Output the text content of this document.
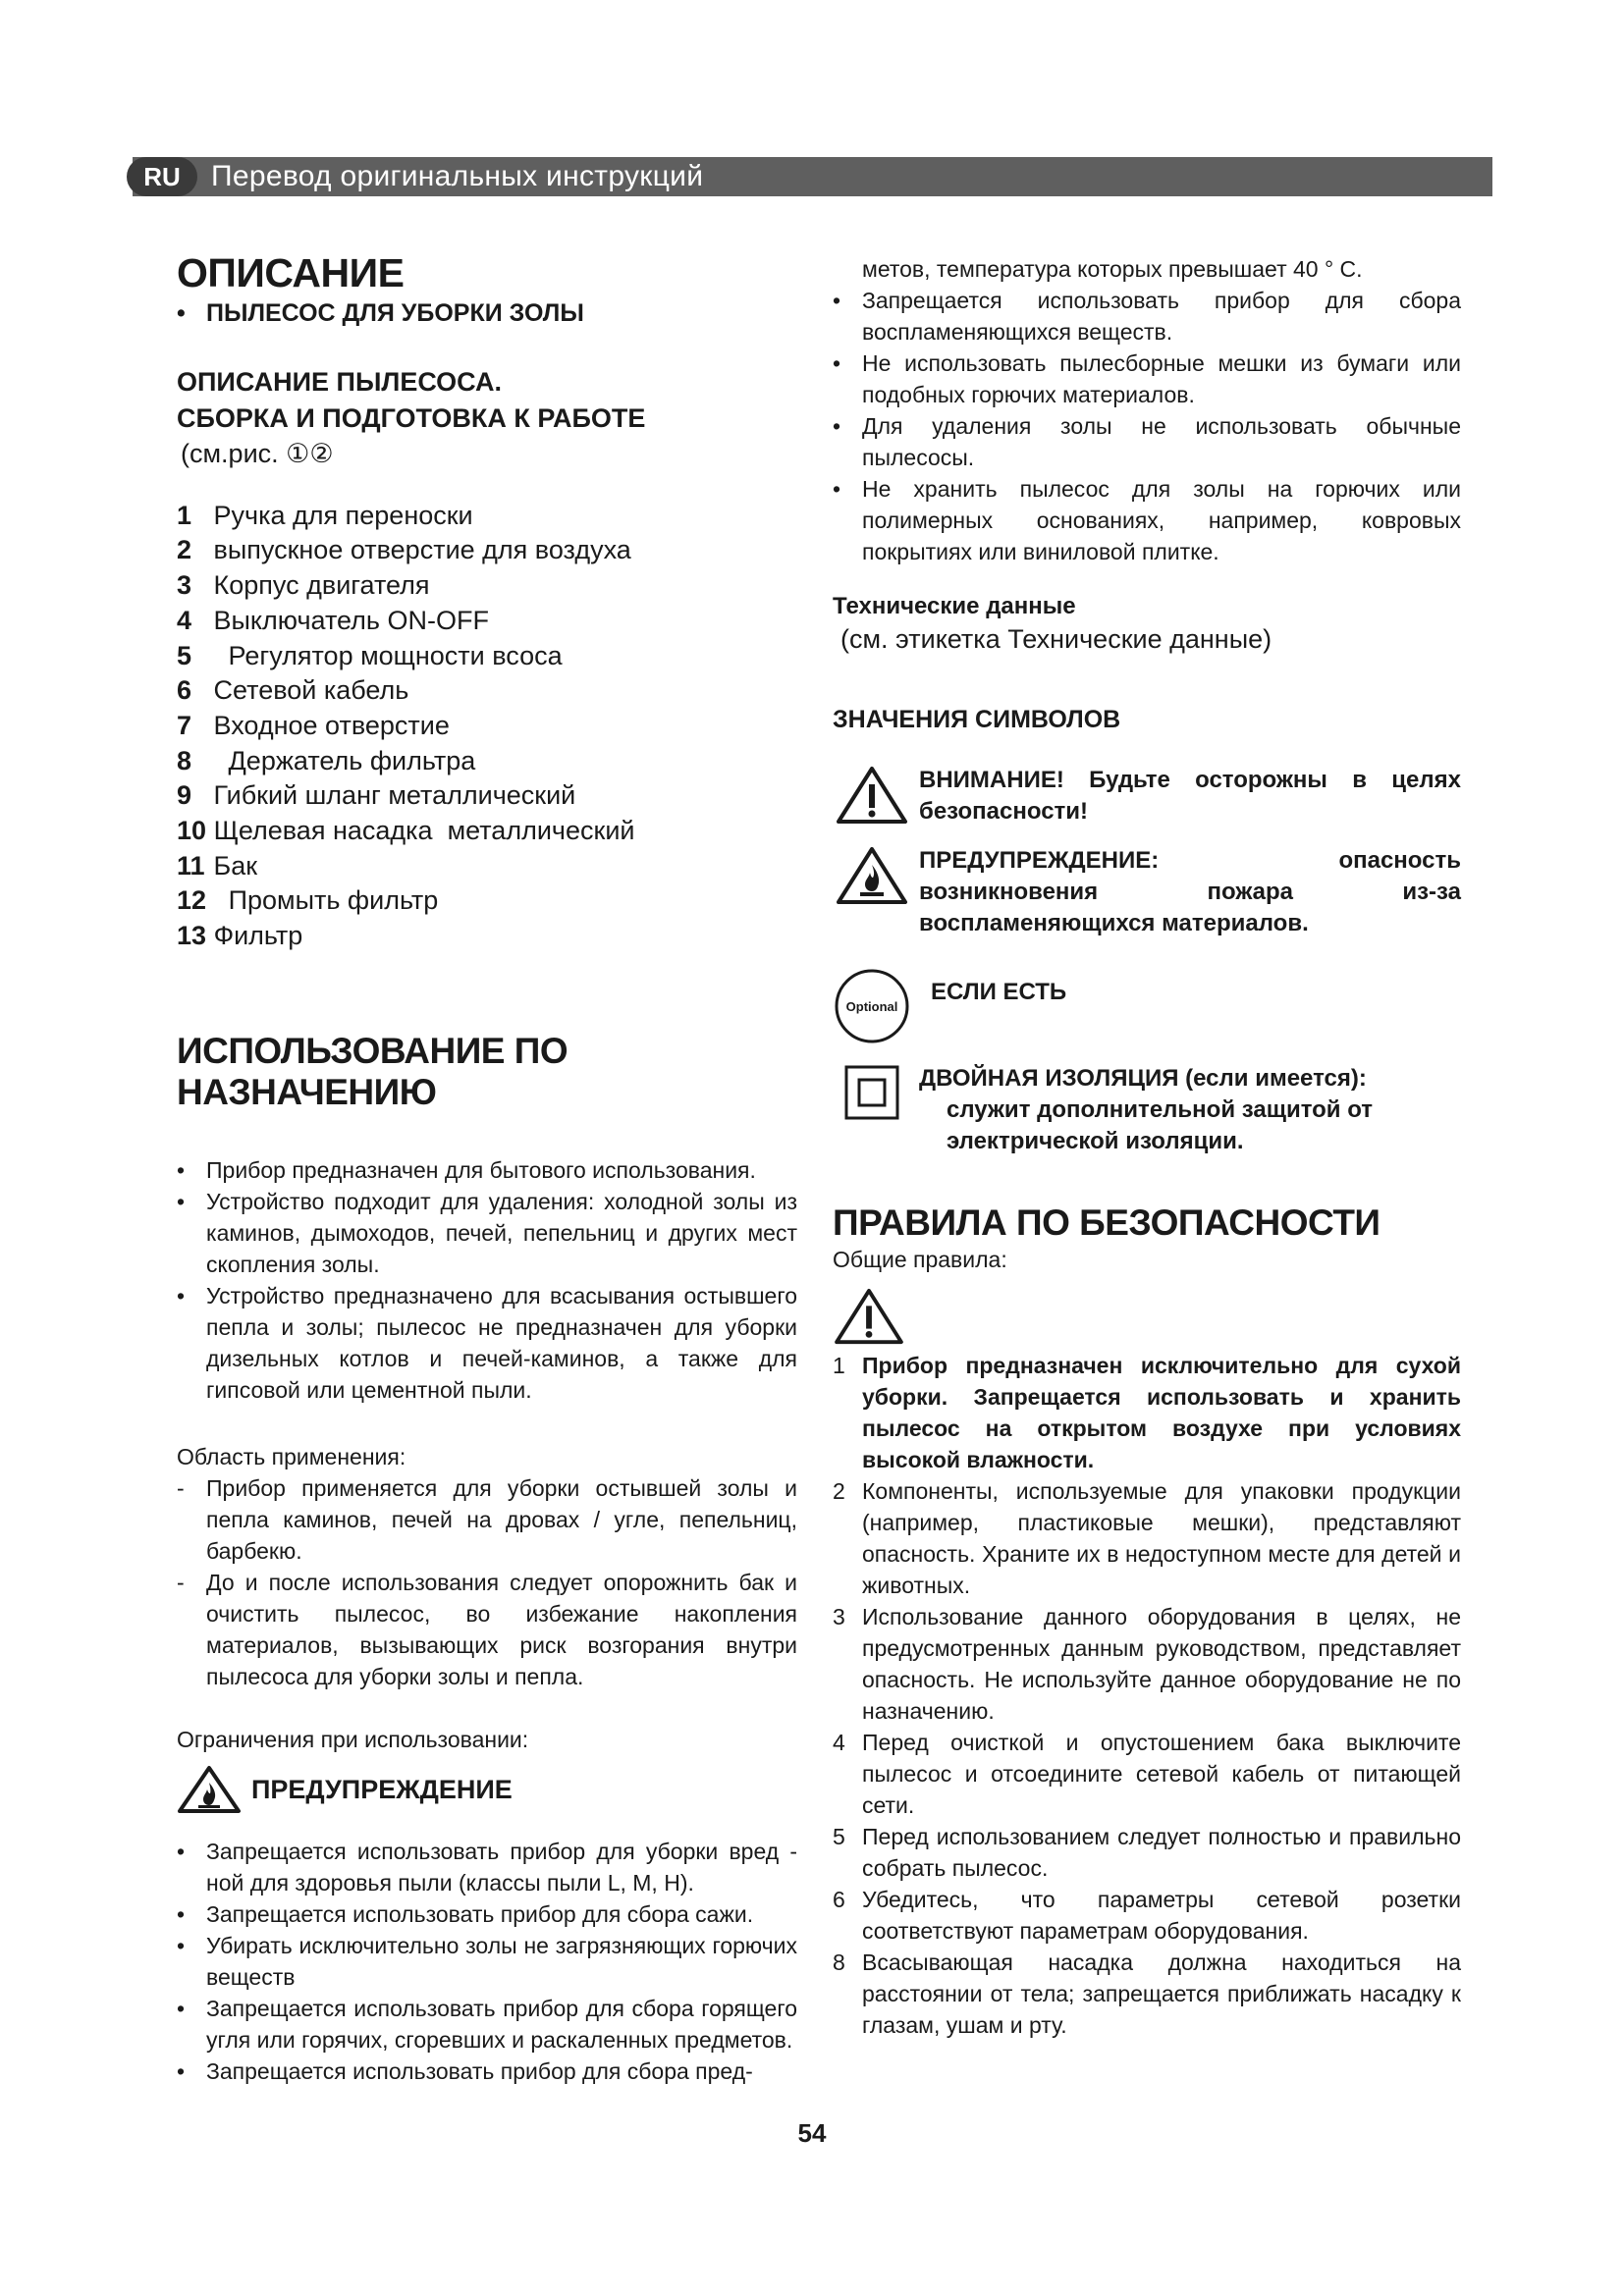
RU	Перевод оригинальных инструкций
ОПИСАНИЕ
• ПЫЛЕСОС ДЛЯ УБОРКИ ЗОЛЫ
ОПИСАНИЕ ПЫЛЕСОСА.
СБОРКА И ПОДГОТОВКА К РАБОТЕ
(см.рис. ①②
1 Ручка для переноски
2 выпускное отверстие для воздуха
3 Корпус двигателя
4 Выключатель ON-OFF
5   Регулятор мощности всоса
6 Сетевой кабель
7 Входное отверстие
8   Держатель фильтра
9 Гибкий шланг металлический
10 Щелевая насадка  металлический
11 Бак
12   Промыть фильтр
13 Фильтр
ИСПОЛЬЗОВАНИЕ ПО НАЗНАЧЕНИЮ
• Прибор предназначен для бытового использования.
• Устройство подходит для удаления: холодной золы из каминов, дымоходов, печей, пепельниц и других мест скопления золы.
• Устройство предназначено для всасывания остывшего пепла и золы; пылесос не предназначен для уборки дизельных котлов и печей-каминов, а также для гипсовой или цементной пыли.
Область применения:
- Прибор применяется для уборки остывшей золы и пепла каминов, печей на дровах / угле, пепельниц, барбекю.
- До и после использования следует опорожнить бак и очистить пылесос, во избежание накопления материалов, вызывающих риск возгорания внутри пылесоса для уборки золы и пепла.
Ограничения при использовании:
ПРЕДУПРЕЖДЕНИЕ
• Запрещается использовать прибор для уборки вред - ной для здоровья пыли (классы пыли L, M, H).
• Запрещается использовать прибор для сбора сажи.
• Убирать исключительно золы не загрязняющих горючих веществ
• Запрещается использовать прибор для сбора горящего угля или горячих, сгоревших и раскаленных предметов.
• Запрещается использовать прибор для сбора пред-
метов, температура которых превышает 40 ° С.
• Запрещается использовать прибор для сбора воспламеняющихся веществ.
• Не использовать пылесборные мешки из бумаги или подобных горючих материалов.
• Для удаления золы не использовать обычные пылесосы.
• Не хранить пылесос для золы на горючих или полимерных основаниях, например, ковровых покрытиях или виниловой плитке.
Технические данные
(см. этикетка Технические данные)
ЗНАЧЕНИЯ СИМВОЛОВ
ВНИМАНИЕ! Будьте осторожны в целях безопасности!
ПРЕДУПРЕЖДЕНИЕ:	опасность возникновения пожара из-за воспламеняющихся материалов.
Optional
ЕСЛИ ЕСТЬ
ДВОЙНАЯ ИЗОЛЯЦИЯ (если имеется):
служит дополнительной защитой от электрической изоляции.
ПРАВИЛА ПО БЕЗОПАСНОСТИ
Общие правила:
1 Прибор предназначен исключительно для сухой уборки. Запрещается использовать и хранить пылесос на открытом воздухе при условиях высокой влажности.
2 Компоненты, используемые для упаковки продукции (например, пластиковые мешки), представляют опасность. Храните их в недоступном месте для детей и животных.
3 Использование данного оборудования в целях, не предусмотренных данным руководством, представляет опасность. Не используйте данное оборудование не по назначению.
4 Перед очисткой и опустошением бака выключите пылесос и отсоедините сетевой кабель от питающей сети.
5 Перед использованием следует полностью и правильно собрать пылесос.
6 Убедитесь, что параметры сетевой розетки соответствуют параметрам оборудования.
8 Всасывающая насадка должна находиться на расстоянии от тела; запрещается приближать насадку к глазам, ушам и рту.
54
